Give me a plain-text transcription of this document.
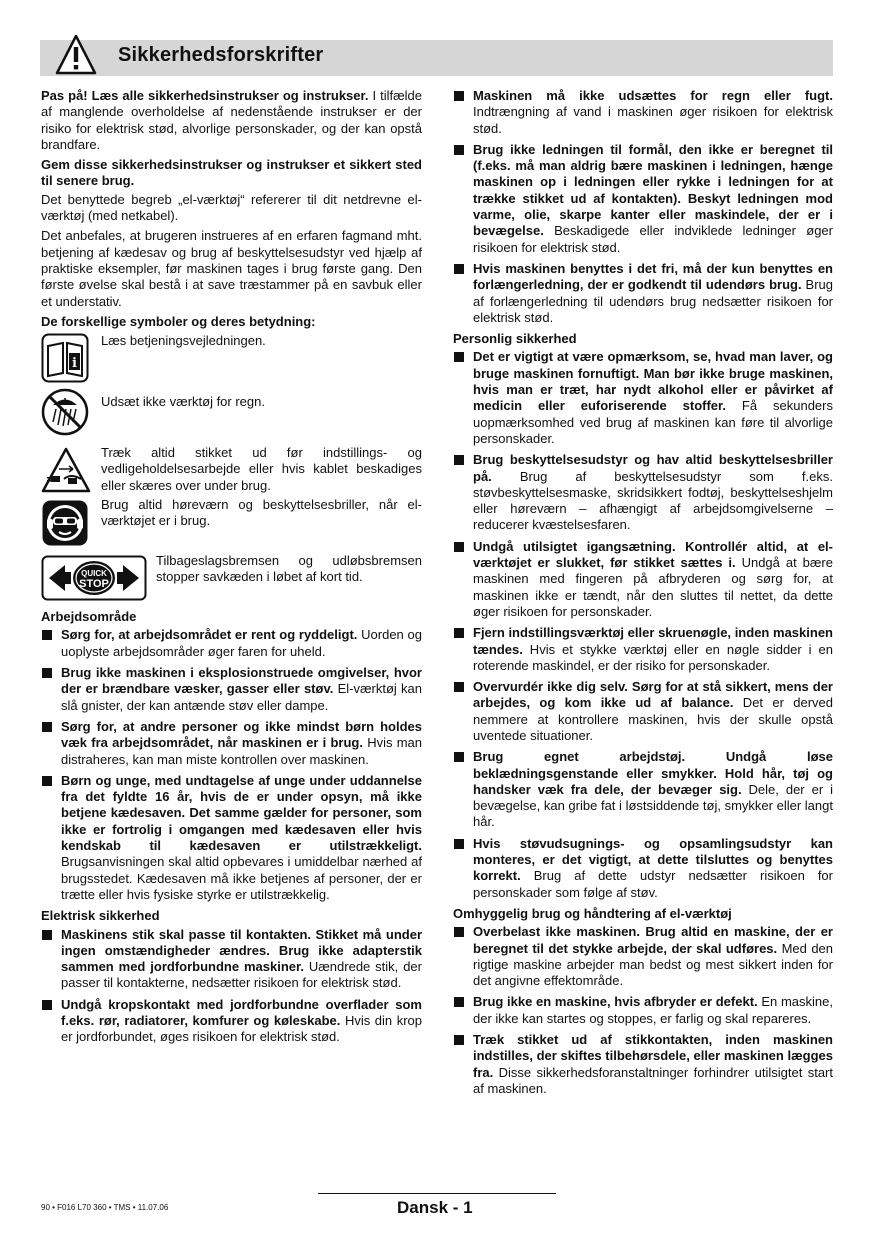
Sikkerhedsforskrifter

Pas på! Læs alle sikkerhedsinstrukser og instrukser. I tilfælde af manglende overholdelse af nedenstående instrukser er der risiko for elektrisk stød, alvorlige personskader, og der kan opstå brandfare.

Gem disse sikkerhedsinstrukser og instrukser et sikkert sted til senere brug.

Det benyttede begreb „el-værktøj“ refererer til dit netdrevne el-værktøj (med netkabel).

Det anbefales, at brugeren instrueres af en erfaren fagmand mht. betjening af kædesav og brug af beskyttelsesudstyr ved hjælp af praktiske eksempler, før maskinen tages i brug første gang. Den første øvelse skal bestå i at save træstammer på en savbuk eller et understativ.

De forskellige symboler og deres betydning:

i
Læs betjeningsvejledningen.
Udsæt ikke værktøj for regn.
Træk altid stikket ud før indstillings- og vedligeholdelsesarbejde eller hvis kablet beskadiges eller skæres over under brug.
Brug altid høreværn og beskyttelsesbriller, når el-værktøjet er i brug.
QUICK
STOP
Tilbageslagsbremsen og udløbsbremsen stopper savkæden i løbet af kort tid.

Arbejdsområde

Sørg for, at arbejdsområdet er rent og ryddeligt. Uorden og uoplyste arbejdsområder øger faren for uheld.
Brug ikke maskinen i eksplosionstruede omgivelser, hvor der er brændbare væsker, gasser eller støv. El-værktøj kan slå gnister, der kan antænde støv eller dampe.
Sørg for, at andre personer og ikke mindst børn holdes væk fra arbejdsområdet, når maskinen er i brug. Hvis man distraheres, kan man miste kontrollen over maskinen.
Børn og unge, med undtagelse af unge under uddannelse fra det fyldte 16 år, hvis de er under opsyn, må ikke betjene kædesaven. Det samme gælder for personer, som ikke er fortrolig i omgangen med kædesaven eller hvis kendskab til kædesaven er utilstrækkeligt. Brugsanvisningen skal altid opbevares i umiddelbar nærhed af brugsstedet. Kædesaven må ikke betjenes af personer, der er trætte eller hvis fysiske styrke er utilstrækkelig.

Elektrisk sikkerhed

Maskinens stik skal passe til kontakten. Stikket må under ingen omstændigheder ændres. Brug ikke adapterstik sammen med jordforbundne maskiner. Uændrede stik, der passer til kontakterne, nedsætter risikoen for elektrisk stød.
Undgå kropskontakt med jordforbundne overflader som f.eks. rør, radiatorer, komfurer og køleskabe. Hvis din krop er jordforbundet, øges risikoen for elektrisk stød.
Maskinen må ikke udsættes for regn eller fugt. Indtrængning af vand i maskinen øger risikoen for elektrisk stød.
Brug ikke ledningen til formål, den ikke er beregnet til (f.eks. må man aldrig bære maskinen i ledningen, hænge maskinen op i ledningen eller rykke i ledningen for at trække stikket ud af kontakten). Beskyt ledningen mod varme, olie, skarpe kanter eller maskindele, der er i bevægelse. Beskadigede eller indviklede ledninger øger risikoen for elektrisk stød.
Hvis maskinen benyttes i det fri, må der kun benyttes en forlængerledning, der er godkendt til udendørs brug. Brug af forlængerledning til udendørs brug nedsætter risikoen for elektrisk stød.

Personlig sikkerhed

Det er vigtigt at være opmærksom, se, hvad man laver, og bruge maskinen fornuftigt. Man bør ikke bruge maskinen, hvis man er træt, har nydt alkohol eller er påvirket af medicin eller euforiserende stoffer. Få sekunders uopmærksomhed ved brug af maskinen kan føre til alvorlige personskader.
Brug beskyttelsesudstyr og hav altid beskyttelsesbriller på. Brug af beskyttelsesudstyr som f.eks. støvbeskyttelsesmaske, skridsikkert fodtøj, beskyttelseshjelm eller høreværn – afhængigt af arbejdsomgivelserne – reducerer kvæstelsesfaren.
Undgå utilsigtet igangsætning. Kontrollér altid, at el-værktøjet er slukket, før stikket sættes i. Undgå at bære maskinen med fingeren på afbryderen og sørg for, at maskinen ikke er tændt, når den sluttes til nettet, da dette øger risikoen for personskader.
Fjern indstillingsværktøj eller skruenøgle, inden maskinen tændes. Hvis et stykke værktøj eller en nøgle sidder i en roterende maskindel, er der risiko for personskader.
Overvurdér ikke dig selv. Sørg for at stå sikkert, mens der arbejdes, og kom ikke ud af balance. Det er derved nemmere at kontrollere maskinen, hvis der skulle opstå uventede situationer.
Brug egnet arbejdstøj. Undgå løse beklædningsgenstande eller smykker. Hold hår, tøj og handsker væk fra dele, der bevæger sig. Dele, der er i bevægelse, kan gribe fat i løstsiddende tøj, smykker eller langt hår.
Hvis støvudsugnings- og opsamlingsudstyr kan monteres, er det vigtigt, at dette tilsluttes og benyttes korrekt. Brug af dette udstyr nedsætter risikoen for personskader som følge af støv.

Omhyggelig brug og håndtering af el-værktøj

Overbelast ikke maskinen. Brug altid en maskine, der er beregnet til det stykke arbejde, der skal udføres. Med den rigtige maskine arbejder man bedst og mest sikkert inden for det angivne effektområde.
Brug ikke en maskine, hvis afbryder er defekt. En maskine, der ikke kan startes og stoppes, er farlig og skal repareres.
Træk stikket ud af stikkontakten, inden maskinen indstilles, der skiftes tilbehørsdele, eller maskinen lægges fra. Disse sikkerhedsforanstaltninger forhindrer utilsigtet start af maskinen.
90 • F016 L70 360 • TMS • 11.07.06	Dansk - 1
